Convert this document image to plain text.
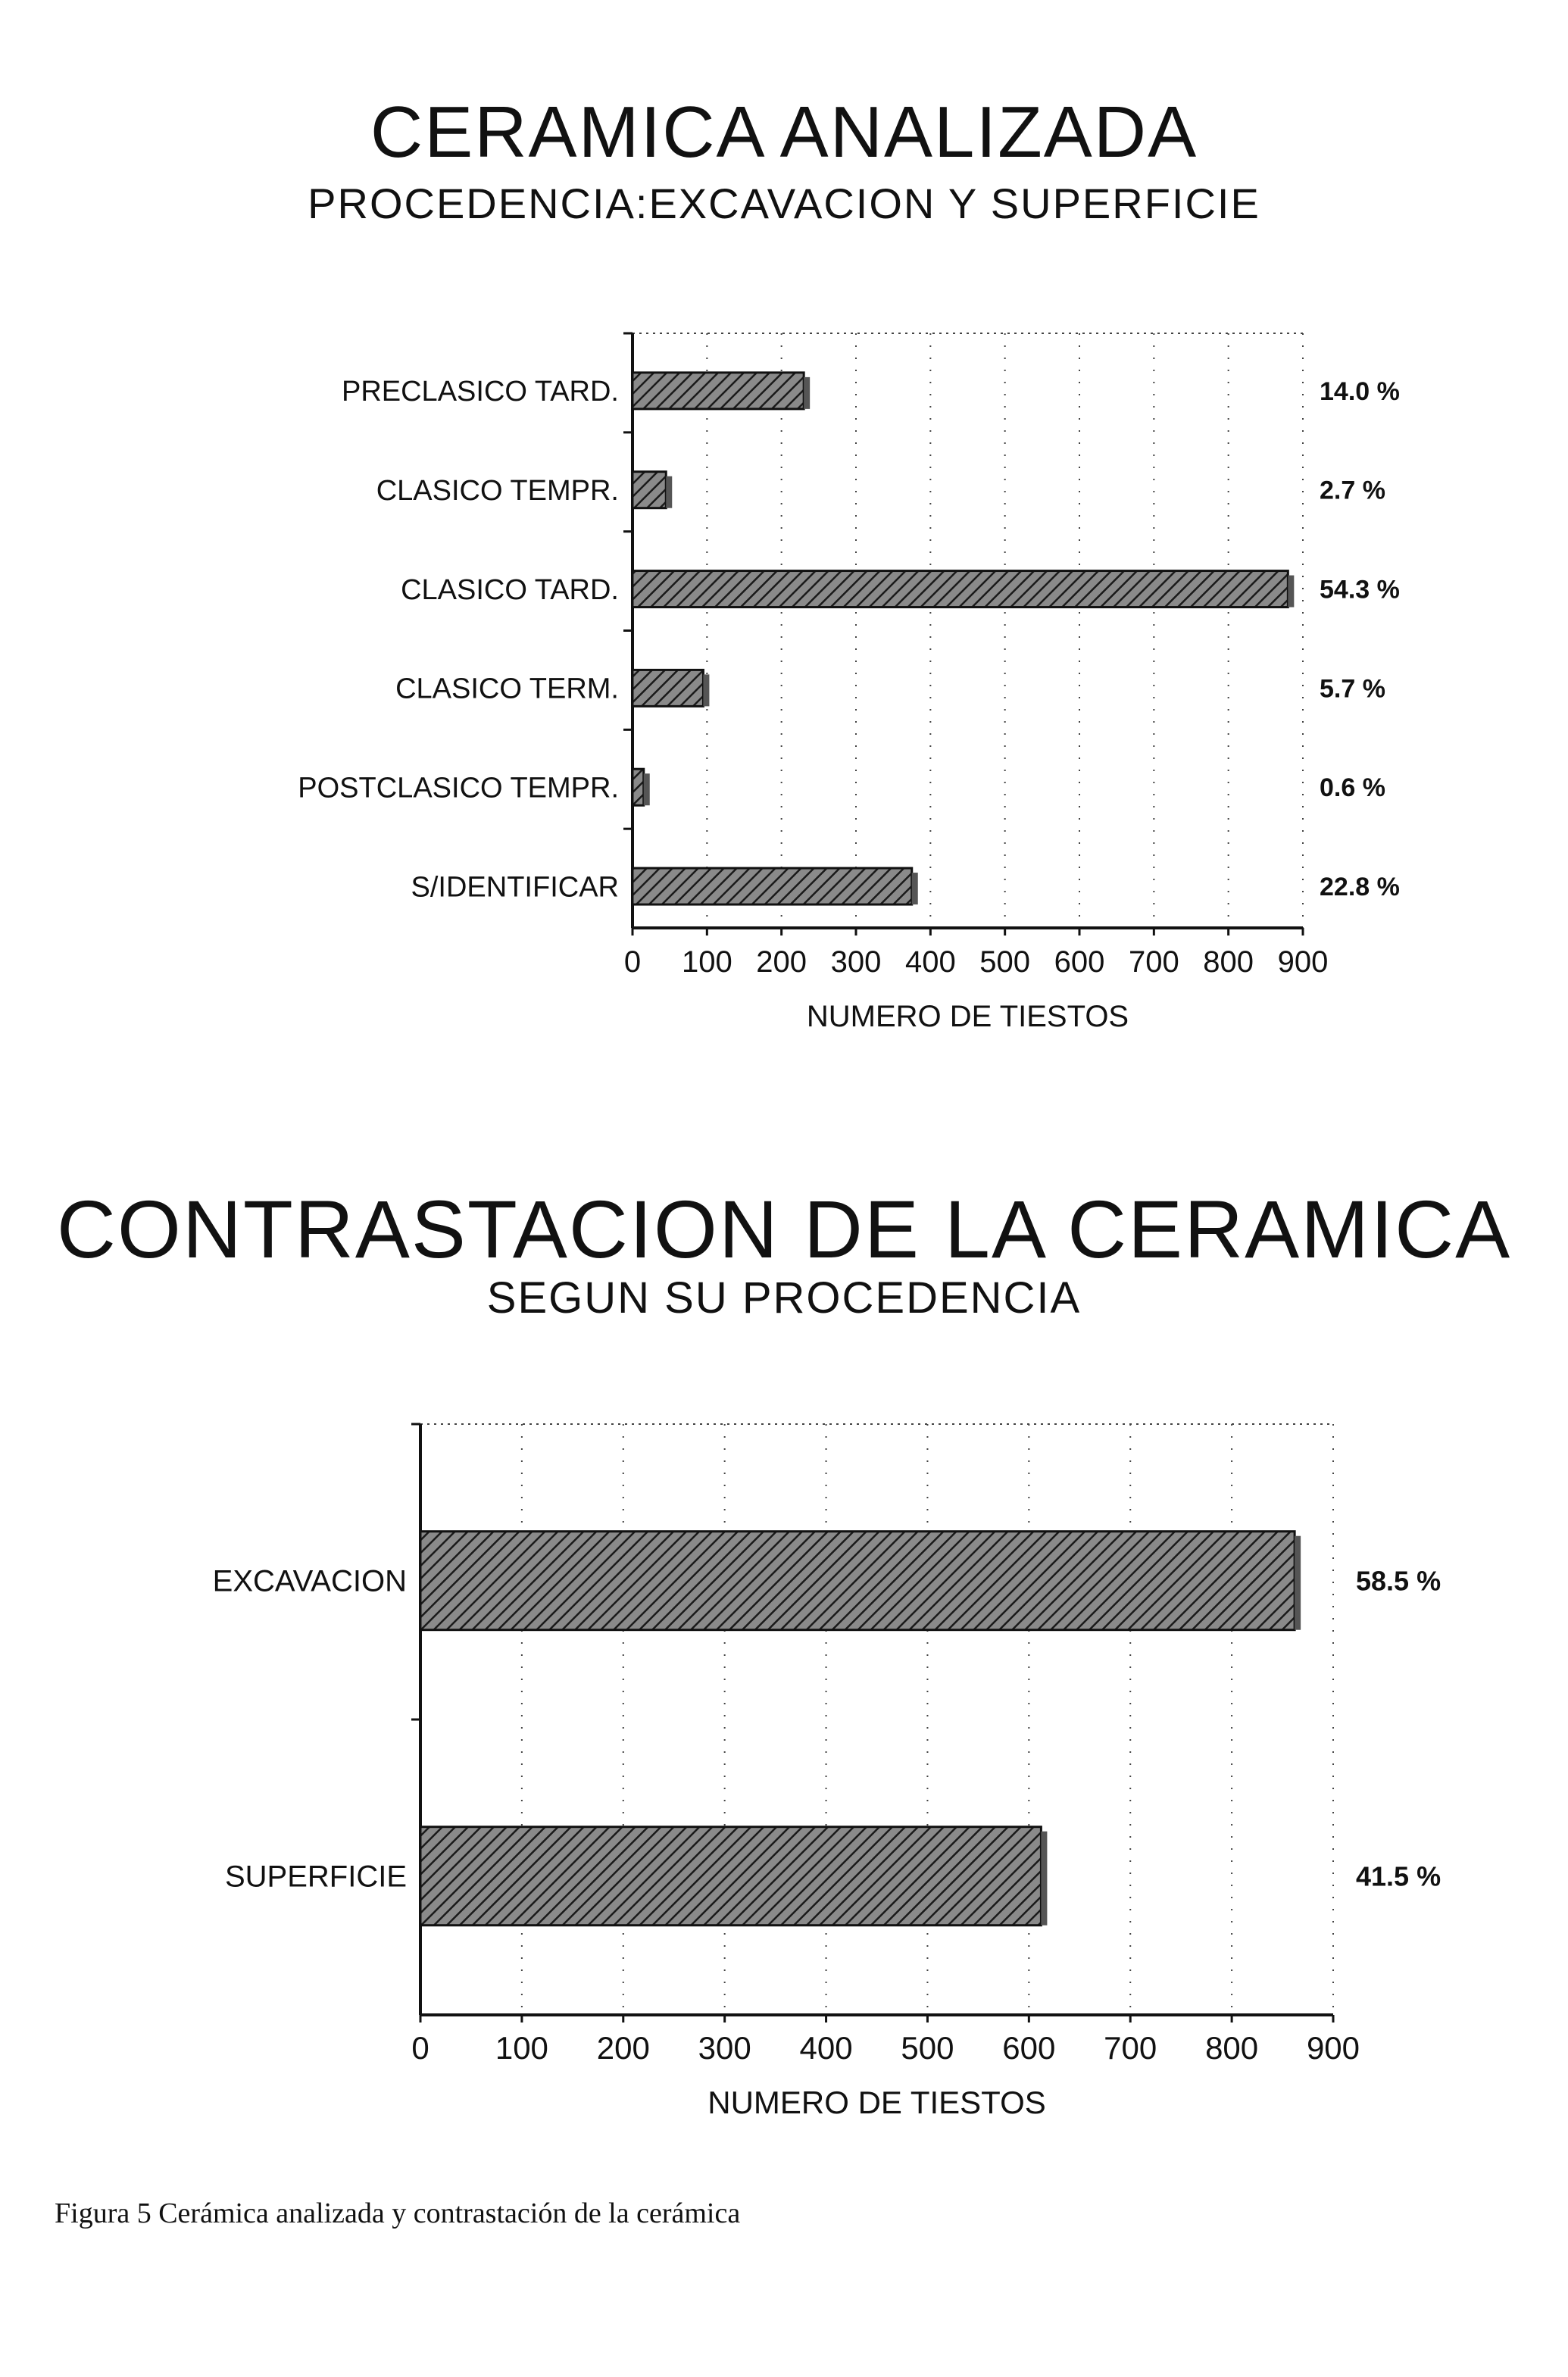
CERAMICA ANALIZADA
PROCEDENCIA:EXCAVACION Y SUPERFICIE
0 100 200 300 400 500 600 700 800 900
PRECLASICO TARD.	14.0 %
CLASICO TEMPR.	2.7 %
CLASICO TARD.	54.3 %
CLASICO TERM.	5.7 %
POSTCLASICO TEMPR.	0.6 %
S/IDENTIFICAR	22.8 %
NUMERO DE TIESTOS
CONTRASTACION DE LA CERAMICA
SEGUN SU PROCEDENCIA
0 100 200 300 400 500 600 700 800 900
EXCAVACION	58.5 %
SUPERFICIE	41.5 %
NUMERO DE TIESTOS
Figura 5 Cerámica analizada y contrastación de la cerámica
